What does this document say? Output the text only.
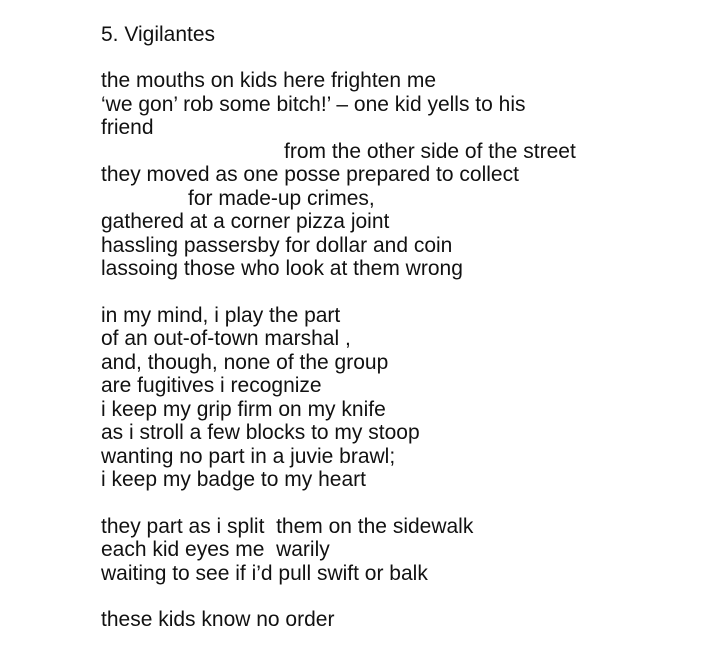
5. Vigilantes
the mouths on kids here frighten me
‘we gon’ rob some bitch!’ – one kid yells to his
friend
from the other side of the street
they moved as one posse prepared to collect
for made-up crimes,
gathered at a corner pizza joint
hassling passersby for dollar and coin
lassoing those who look at them wrong
in my mind, i play the part
of an out-of-town marshal ,
and, though, none of the group
are fugitives i recognize
i keep my grip firm on my knife
as i stroll a few blocks to my stoop
wanting no part in a juvie brawl;
i keep my badge to my heart
they part as i split  them on the sidewalk
each kid eyes me  warily
waiting to see if i’d pull swift or balk
these kids know no order
